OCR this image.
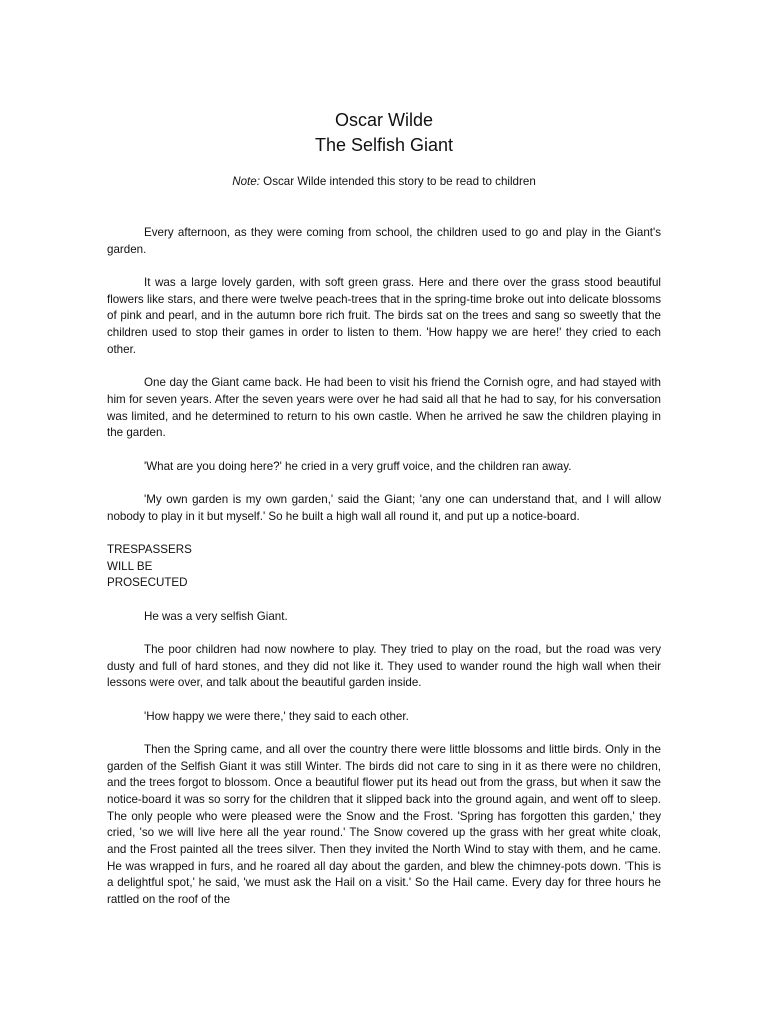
Oscar Wilde
The Selfish Giant

Note: Oscar Wilde intended this story to be read to children

Every afternoon, as they were coming from school, the children used to go and play in the Giant's garden.

It was a large lovely garden, with soft green grass. Here and there over the grass stood beautiful flowers like stars, and there were twelve peach-trees that in the spring-time broke out into delicate blossoms of pink and pearl, and in the autumn bore rich fruit. The birds sat on the trees and sang so sweetly that the children used to stop their games in order to listen to them. 'How happy we are here!' they cried to each other.

One day the Giant came back. He had been to visit his friend the Cornish ogre, and had stayed with him for seven years. After the seven years were over he had said all that he had to say, for his conversation was limited, and he determined to return to his own castle. When he arrived he saw the children playing in the garden.

'What are you doing here?' he cried in a very gruff voice, and the children ran away.

'My own garden is my own garden,' said the Giant; 'any one can understand that, and I will allow nobody to play in it but myself.' So he built a high wall all round it, and put up a notice-board.

TRESPASSERS
WILL BE
PROSECUTED

He was a very selfish Giant.

The poor children had now nowhere to play. They tried to play on the road, but the road was very dusty and full of hard stones, and they did not like it. They used to wander round the high wall when their lessons were over, and talk about the beautiful garden inside.

'How happy we were there,' they said to each other.

Then the Spring came, and all over the country there were little blossoms and little birds. Only in the garden of the Selfish Giant it was still Winter. The birds did not care to sing in it as there were no children, and the trees forgot to blossom. Once a beautiful flower put its head out from the grass, but when it saw the notice-board it was so sorry for the children that it slipped back into the ground again, and went off to sleep. The only people who were pleased were the Snow and the Frost. 'Spring has forgotten this garden,' they cried, 'so we will live here all the year round.' The Snow covered up the grass with her great white cloak, and the Frost painted all the trees silver. Then they invited the North Wind to stay with them, and he came. He was wrapped in furs, and he roared all day about the garden, and blew the chimney-pots down. 'This is a delightful spot,' he said, 'we must ask the Hail on a visit.' So the Hail came. Every day for three hours he rattled on the roof of the
